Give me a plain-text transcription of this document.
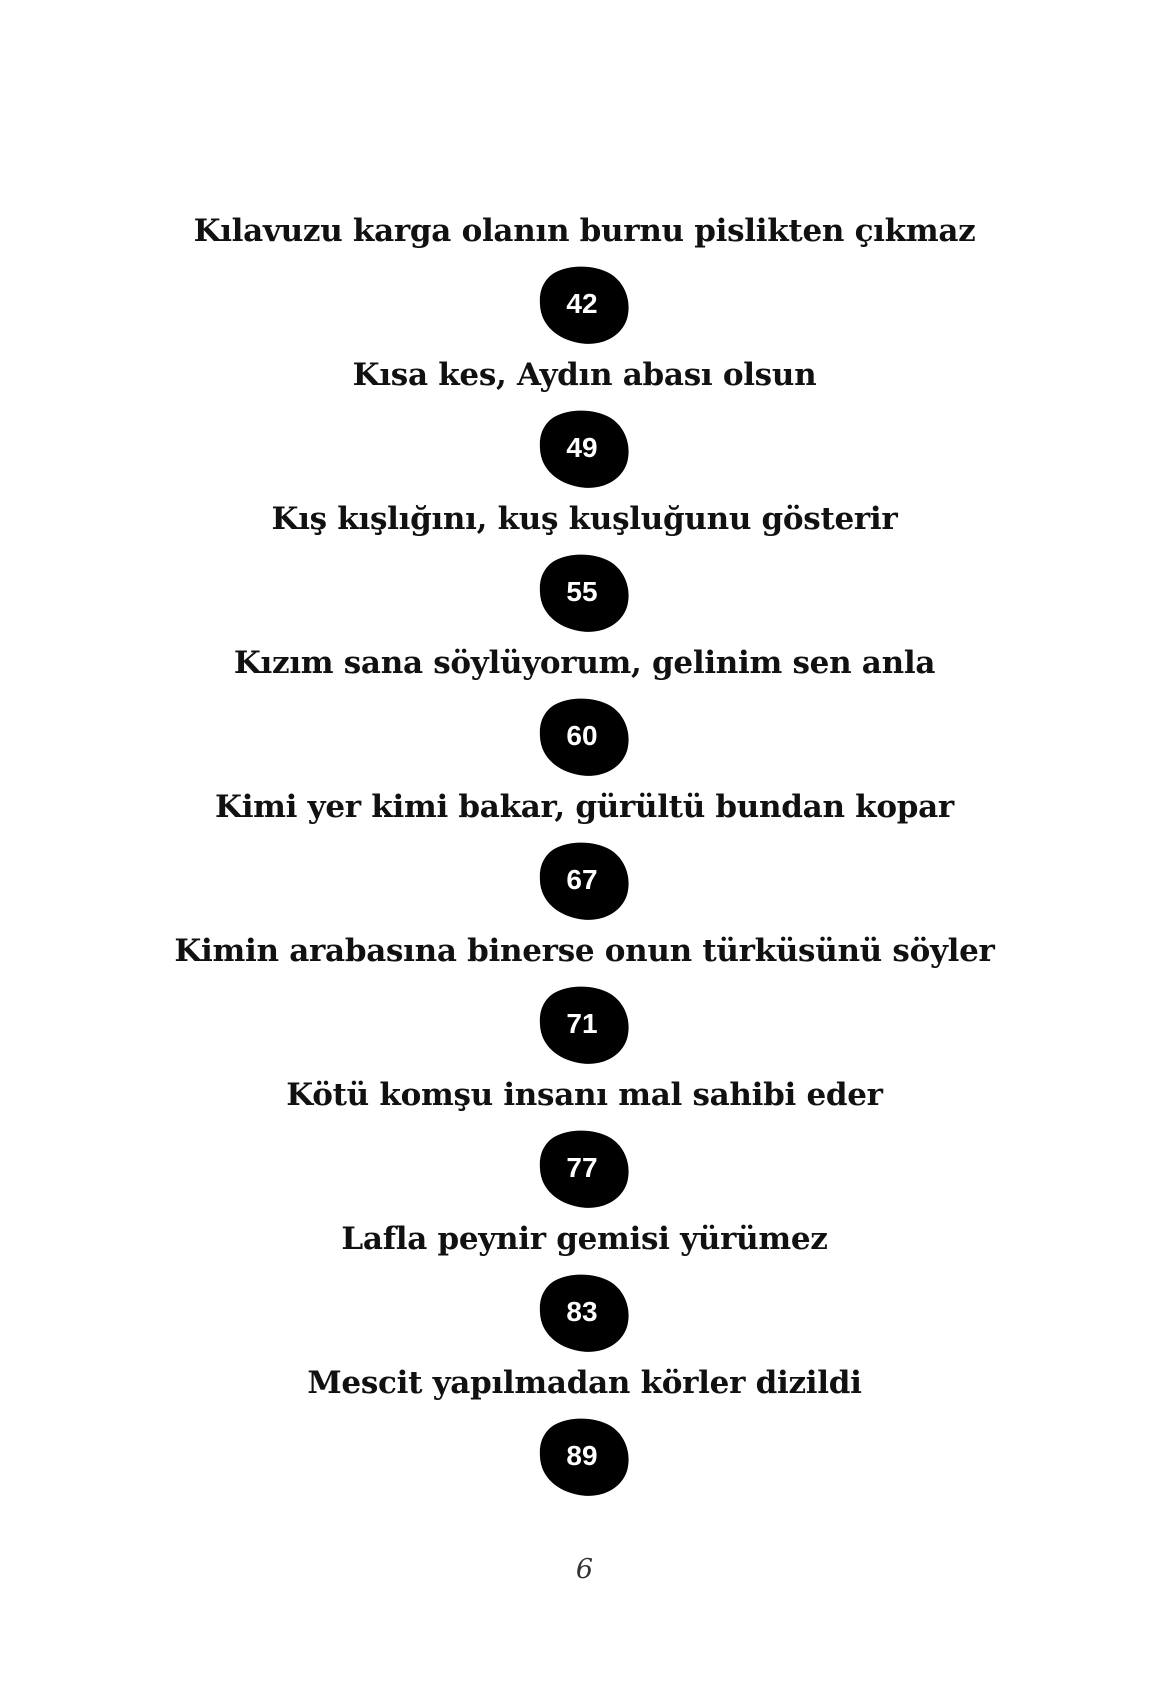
Kılavuzu karga olanın burnu pislikten çıkmaz
42
Kısa kes, Aydın abası olsun
49
Kış kışlığını, kuş kuşluğunu gösterir
55
Kızım sana söylüyorum, gelinim sen anla
60
Kimi yer kimi bakar, gürültü bundan kopar
67
Kimin arabasına binerse onun türküsünü söyler
71
Kötü komşu insanı mal sahibi eder
77
Lafla peynir gemisi yürümez
83
Mescit yapılmadan körler dizildi
89
6
